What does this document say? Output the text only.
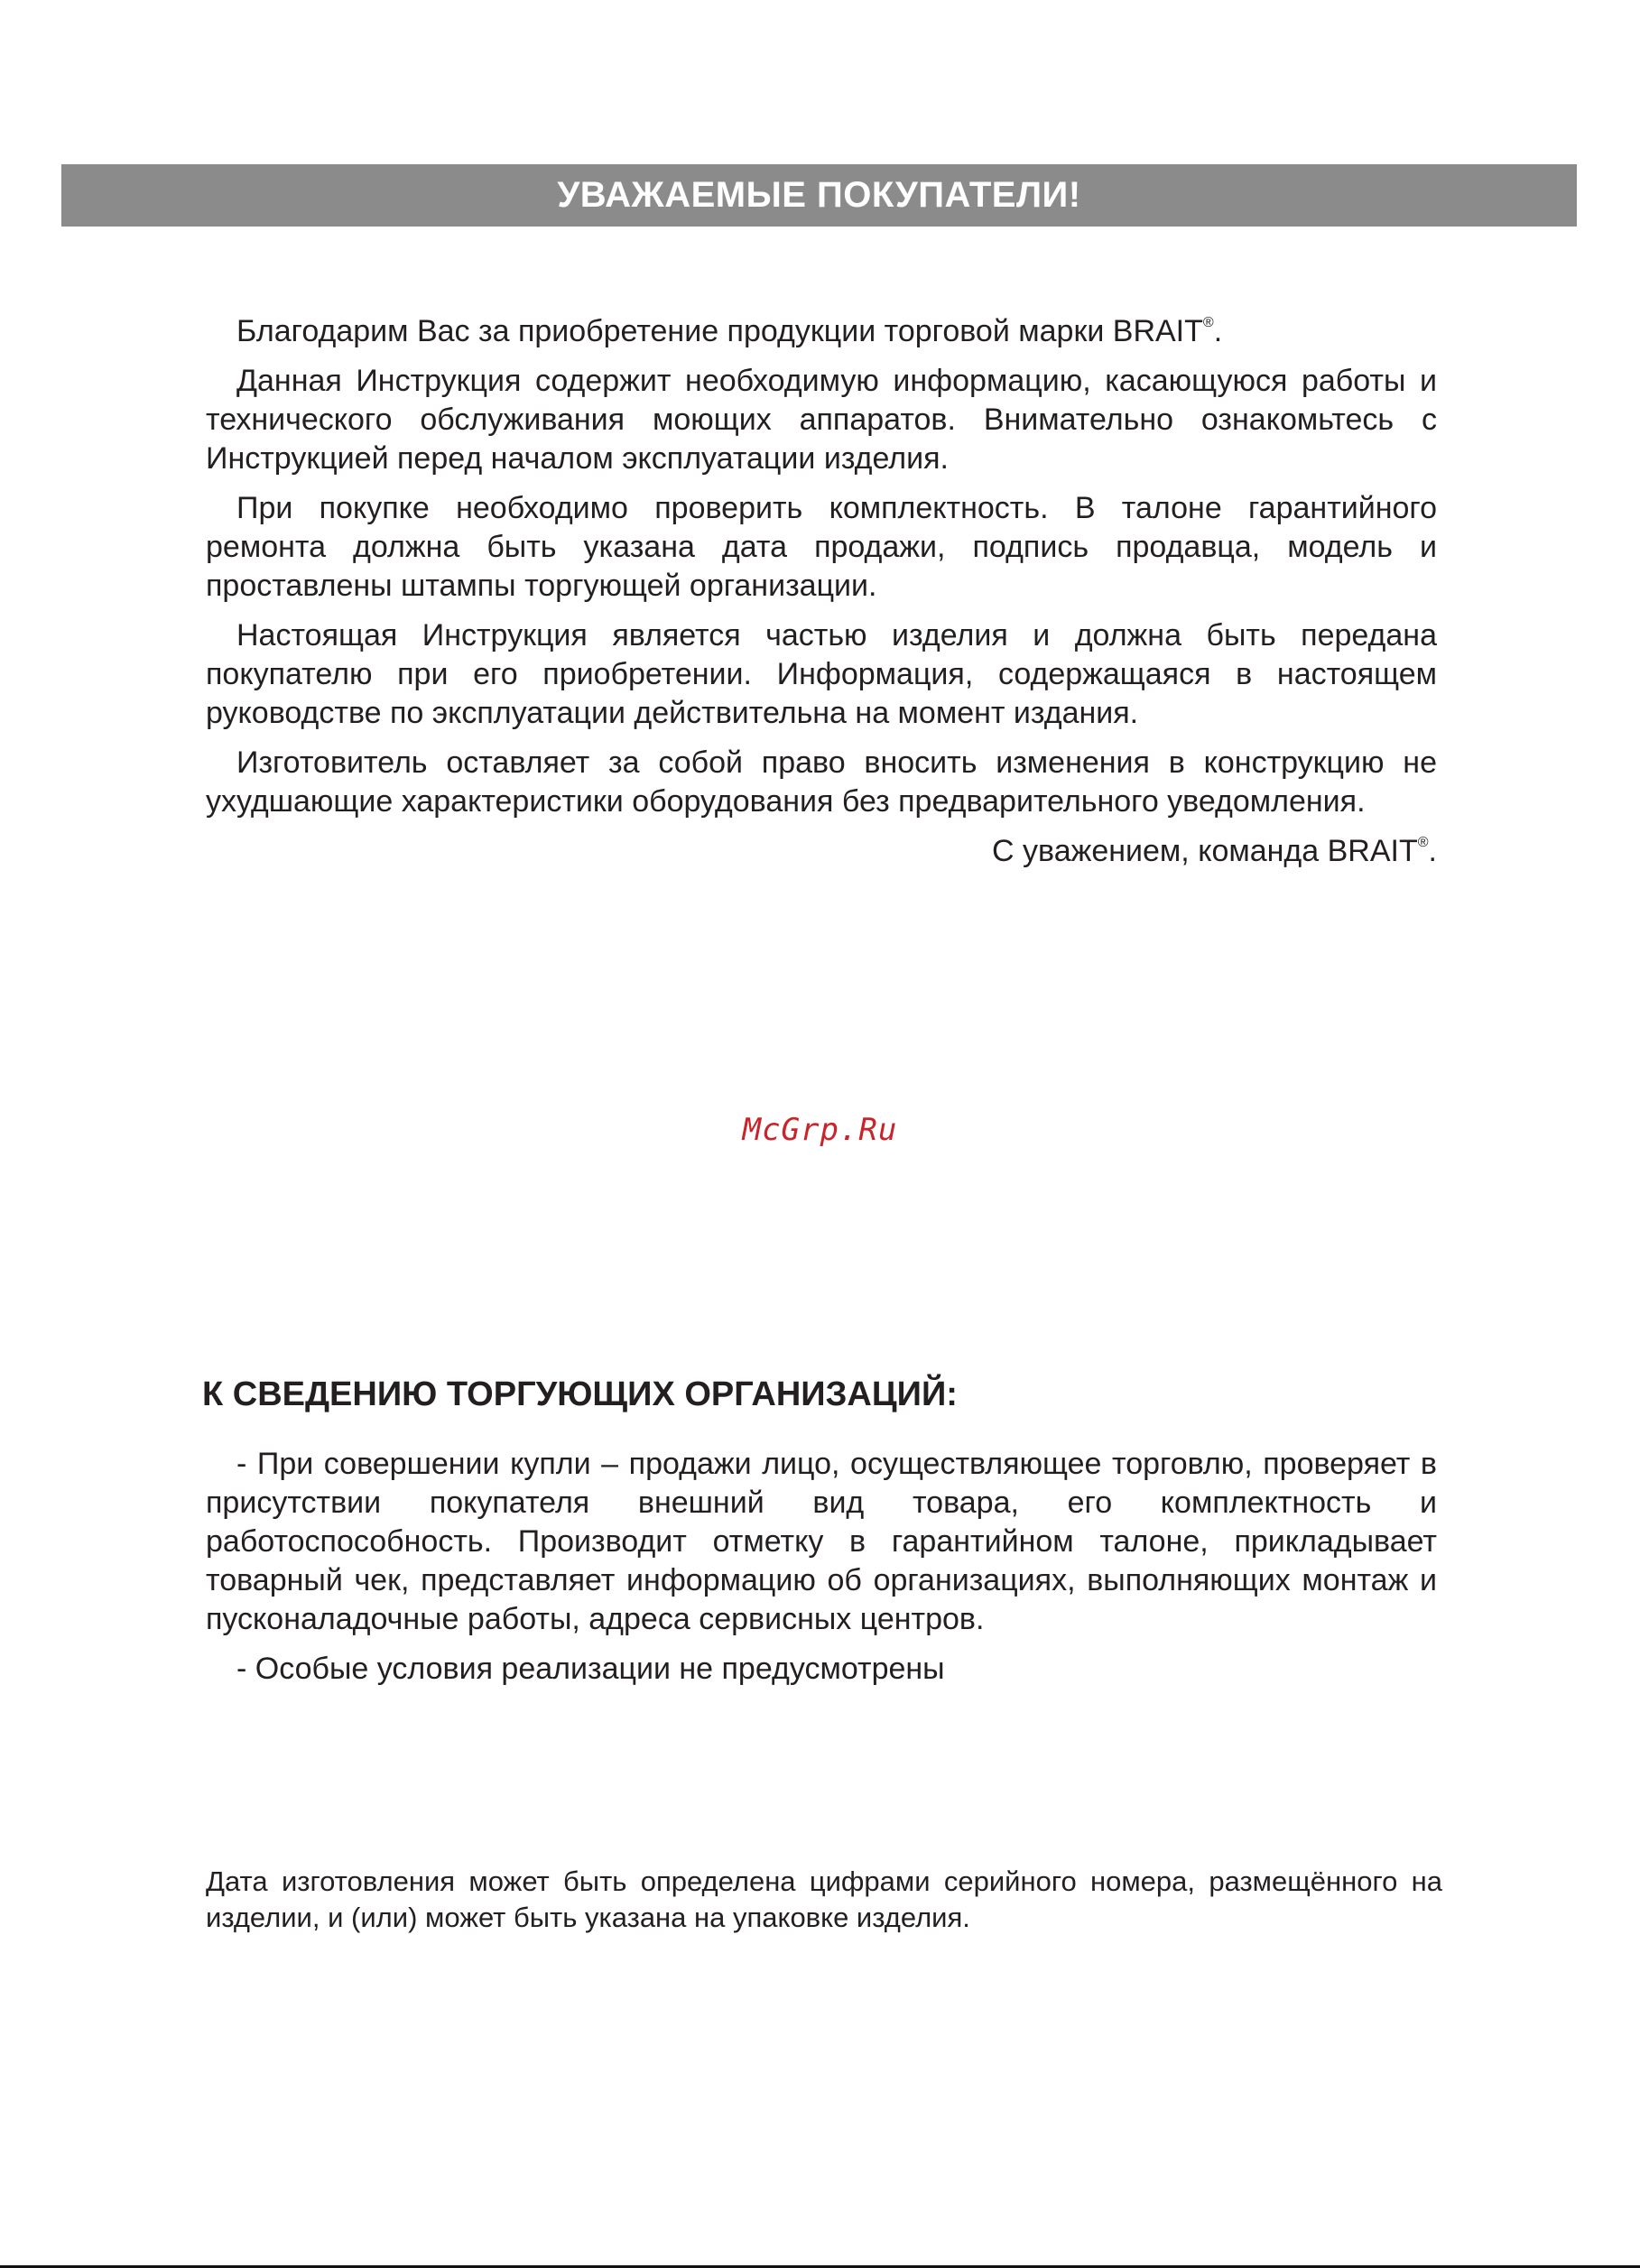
УВАЖАЕМЫЕ ПОКУПАТЕЛИ!

Благодарим Вас за приобретение продукции торговой марки BRAIT®.

Данная Инструкция содержит необходимую информацию, касающуюся работы и технического обслуживания моющих аппаратов. Внимательно ознакомьтесь с Инструкцией перед началом эксплуатации изделия.

При покупке необходимо проверить комплектность. В талоне гарантийного ремонта должна быть указана дата продажи, подпись продавца, модель и проставлены штампы торгующей организации.

Настоящая Инструкция является частью изделия и должна быть передана покупателю при его приобретении. Информация, содержащаяся в настоящем руководстве по эксплуатации действительна на момент издания.

Изготовитель оставляет за собой право вносить изменения в конструкцию не ухудшающие характеристики оборудования без предварительного уведомления.

С уважением, команда BRAIT®.

McGrp.Ru
К СВЕДЕНИЮ ТОРГУЮЩИХ ОРГАНИЗАЦИЙ:

- При совершении купли – продажи лицо, осуществляющее торговлю, проверяет в присутствии покупателя внешний вид товара, его комплектность и работоспособность. Производит отметку в гарантийном талоне, прикладывает товарный чек, представляет информацию об организациях, выполняющих монтаж и пусконаладочные работы, адреса сервисных центров.

- Особые условия реализации не предусмотрены

Дата изготовления может быть определена цифрами серийного номера, размещённого на изделии, и (или) может быть указана на упаковке изделия.
